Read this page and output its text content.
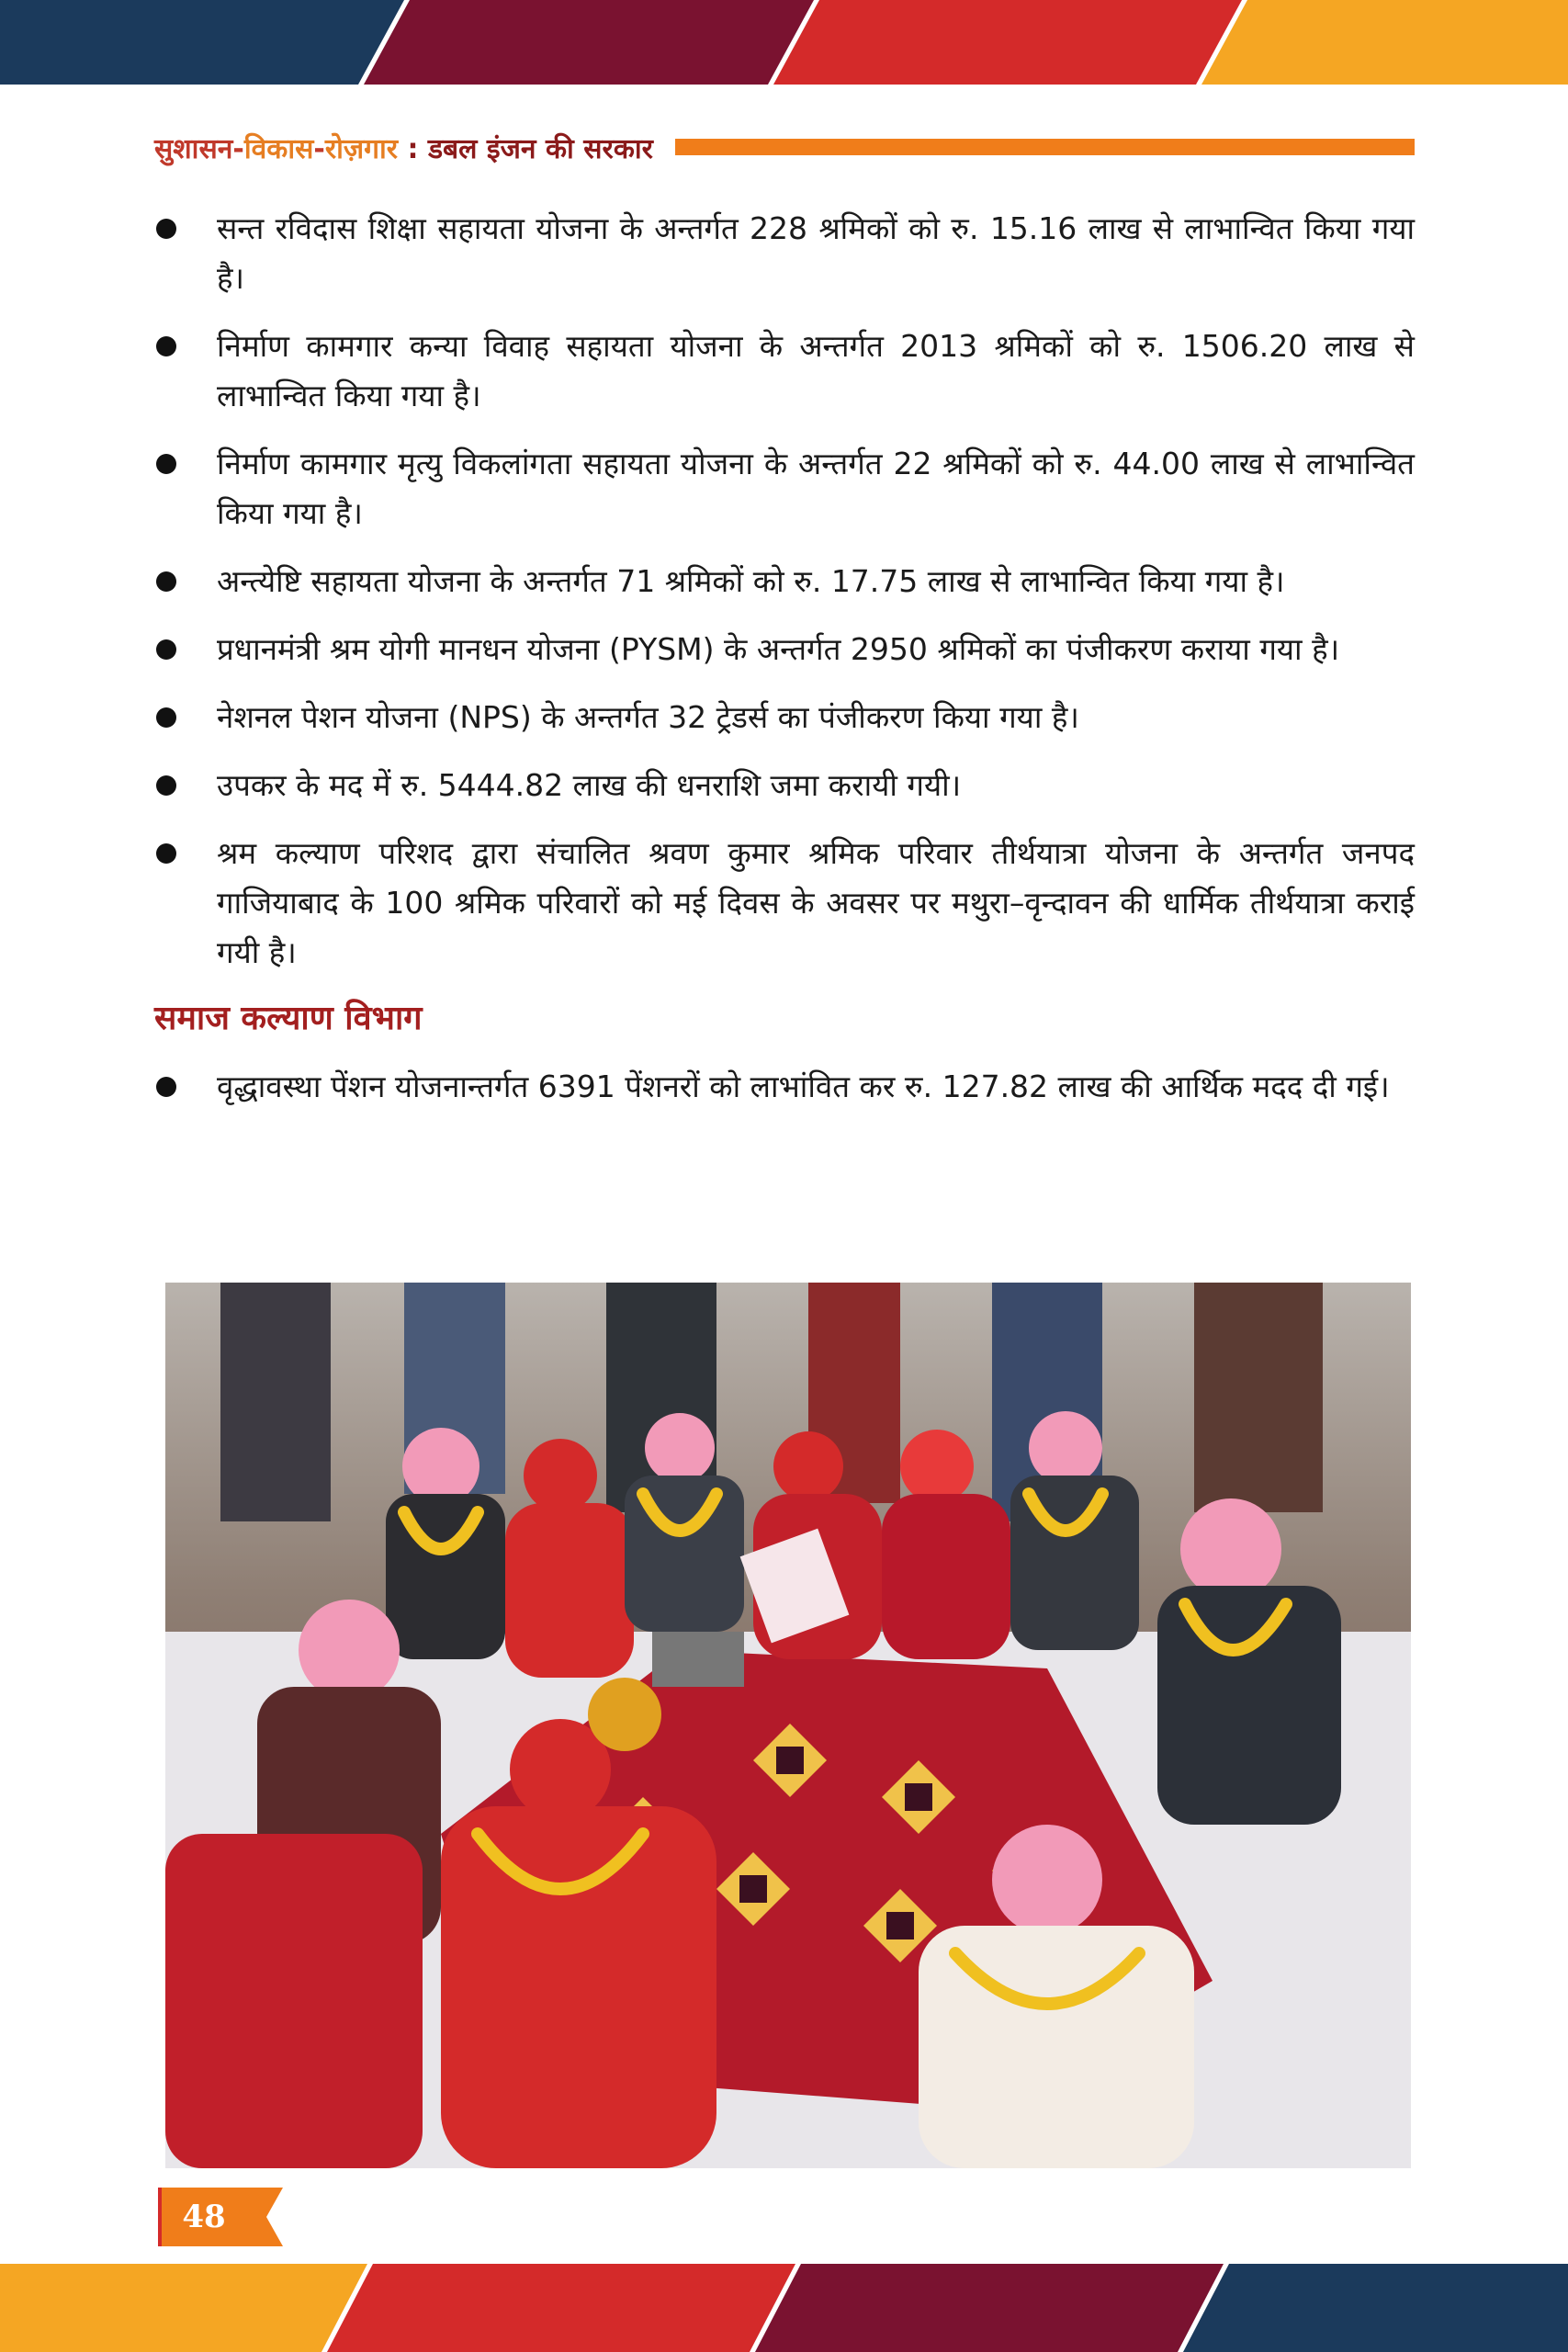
सुशासन-विकास-रोज़गार : डबल इंजन की सरकार
सन्त रविदास शिक्षा सहायता योजना के अन्तर्गत 228 श्रमिकों को रु. 15.16 लाख से लाभान्वित किया गया है।
निर्माण कामगार कन्या विवाह सहायता योजना के अन्तर्गत 2013 श्रमिकों को रु. 1506.20 लाख से लाभान्वित किया गया है।
निर्माण कामगार मृत्यु विकलांगता सहायता योजना के अन्तर्गत 22 श्रमिकों को रु. 44.00 लाख से लाभान्वित किया गया है।
अन्त्येष्टि सहायता योजना के अन्तर्गत 71 श्रमिकों को रु. 17.75 लाख से लाभान्वित किया गया है।
प्रधानमंत्री श्रम योगी मानधन योजना (PYSM) के अन्तर्गत 2950 श्रमिकों का पंजीकरण कराया गया है।
नेशनल पेशन योजना (NPS) के अन्तर्गत 32 ट्रेडर्स का पंजीकरण किया गया है।
उपकर के मद में रु. 5444.82 लाख की धनराशि जमा करायी गयी।
श्रम कल्याण परिशद द्वारा संचालित श्रवण कुमार श्रमिक परिवार तीर्थयात्रा योजना के अन्तर्गत जनपद गाजियाबाद के 100 श्रमिक परिवारों को मई दिवस के अवसर पर मथुरा–वृन्दावन की धार्मिक तीर्थयात्रा कराई गयी है।
समाज कल्याण विभाग
वृद्धावस्था पेंशन योजनान्तर्गत 6391 पेंशनरों को लाभांवित कर रु. 127.82 लाख की आर्थिक मदद दी गई।
48
